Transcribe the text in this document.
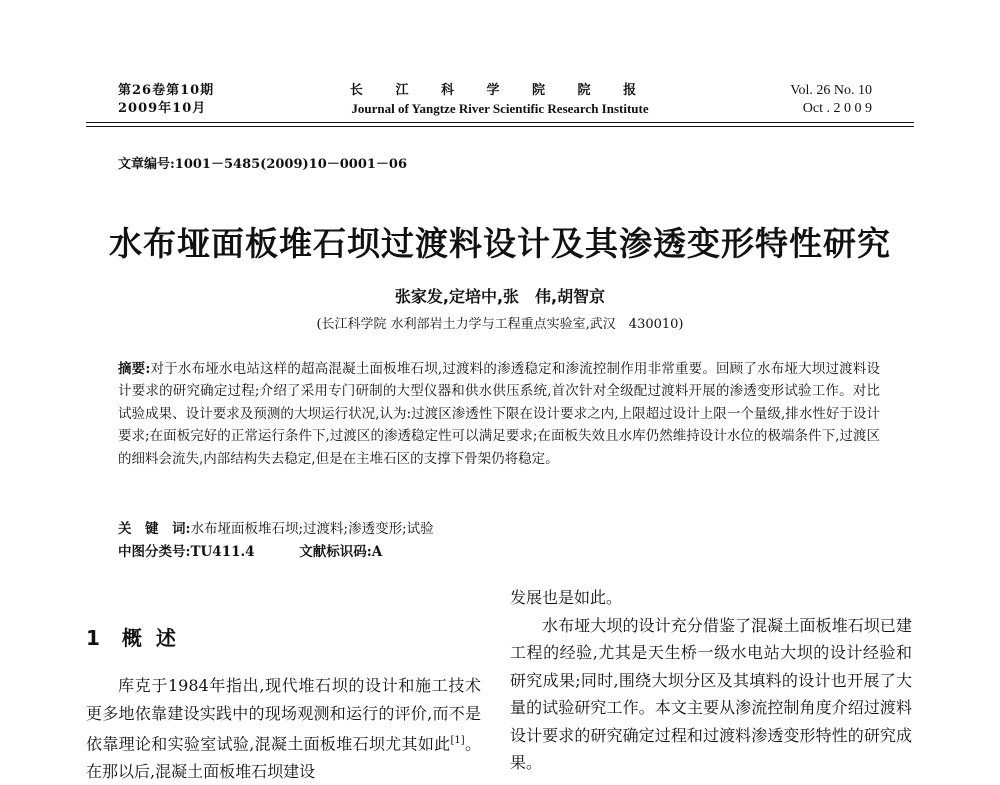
第26卷第10期
2009年10月
长 江 科 学 院 院 报
Journal of Yangtze River Scientific Research Institute
Vol. 26 No. 10
Oct . 2 0 0 9
文章编号:1001－5485(2009)10－0001－06
水布垭面板堆石坝过渡料设计及其渗透变形特性研究
张家发,定培中,张　伟,胡智京
(长江科学院 水利部岩土力学与工程重点实验室,武汉　430010)
摘要:对于水布垭水电站这样的超高混凝土面板堆石坝,过渡料的渗透稳定和渗流控制作用非常重要。回顾了水布垭大坝过渡料设计要求的研究确定过程;介绍了采用专门研制的大型仪器和供水供压系统,首次针对全级配过渡料开展的渗透变形试验工作。对比试验成果、设计要求及预测的大坝运行状况,认为:过渡区渗透性下限在设计要求之内,上限超过设计上限一个量级,排水性好于设计要求;在面板完好的正常运行条件下,过渡区的渗透稳定性可以满足要求;在面板失效且水库仍然维持设计水位的极端条件下,过渡区的细料会流失,内部结构失去稳定,但是在主堆石区的支撑下骨架仍将稳定。
关　键　词:水布垭面板堆石坝;过渡料;渗透变形;试验
中图分类号:TU411.4	文献标识码:A
1 概述
库克于1984年指出,现代堆石坝的设计和施工技术更多地依靠建设实践中的现场观测和运行的评价,而不是依靠理论和实验室试验,混凝土面板堆石坝尤其如此[1]。在那以后,混凝土面板堆石坝建设
发展也是如此。
水布垭大坝的设计充分借鉴了混凝土面板堆石坝已建工程的经验,尤其是天生桥一级水电站大坝的设计经验和研究成果;同时,围绕大坝分区及其填料的设计也开展了大量的试验研究工作。本文主要从渗流控制角度介绍过渡料设计要求的研究确定过程和过渡料渗透变形特性的研究成果。
